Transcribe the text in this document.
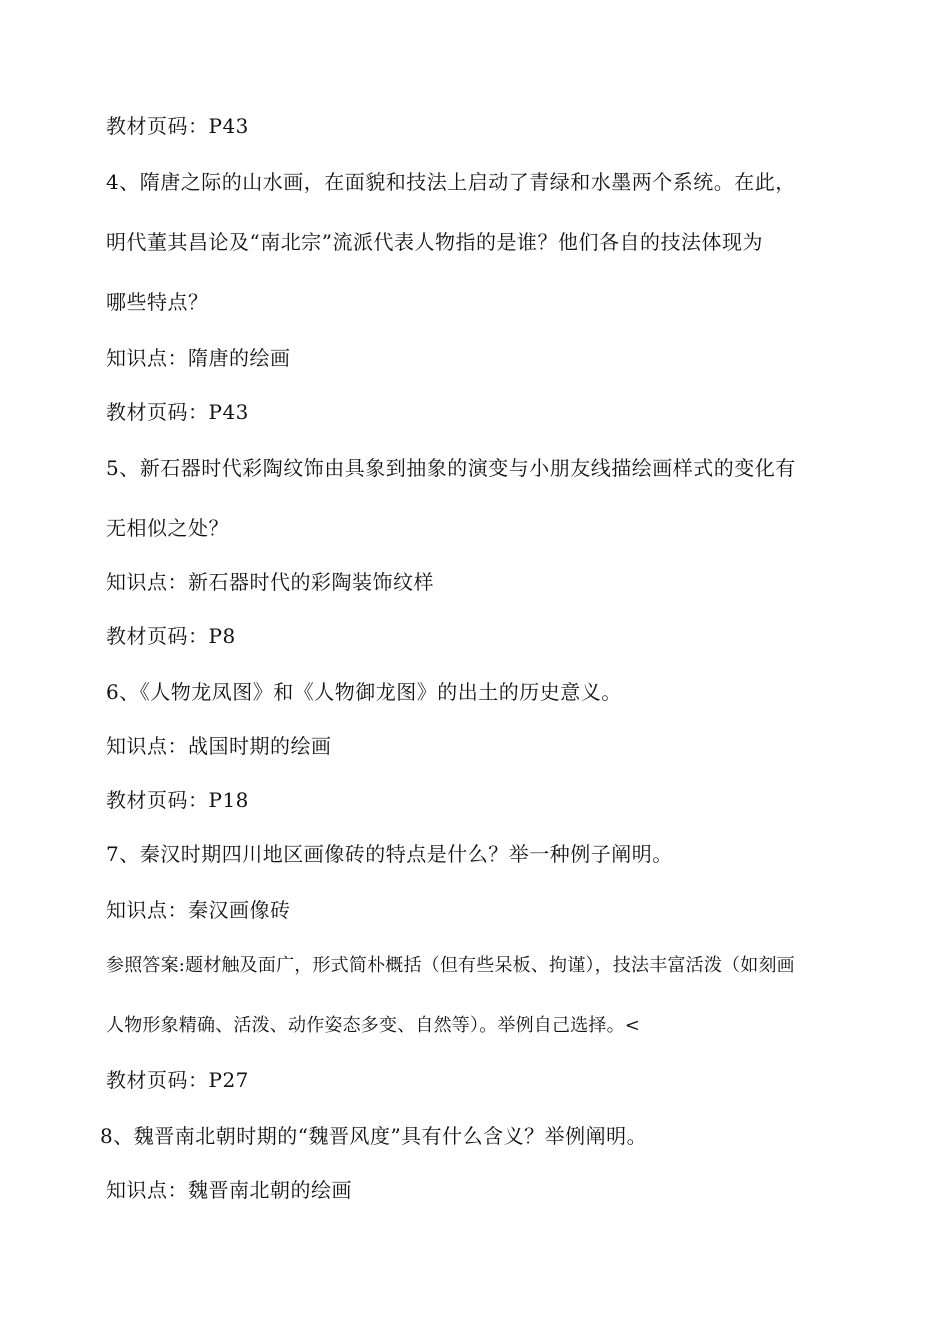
教材页码：P43
4、隋唐之际的山水画，在面貌和技法上启动了青绿和水墨两个系统。在此，
明代董其昌论及“南北宗”流派代表人物指的是谁？他们各自的技法体现为
哪些特点？
知识点：隋唐的绘画
教材页码：P43
5、新石器时代彩陶纹饰由具象到抽象的演变与小朋友线描绘画样式的变化有
无相似之处？
知识点：新石器时代的彩陶装饰纹样
教材页码：P8
6、《人物龙凤图》和《人物御龙图》的出土的历史意义。
知识点：战国时期的绘画
教材页码：P18
7、秦汉时期四川地区画像砖的特点是什么？举一种例子阐明。
知识点：秦汉画像砖
参照答案:题材触及面广，形式简朴概括（但有些呆板、拘谨），技法丰富活泼（如刻画
人物形象精确、活泼、动作姿态多变、自然等）。举例自己选择。<
教材页码：P27
8、魏晋南北朝时期的“魏晋风度”具有什么含义？举例阐明。
知识点：魏晋南北朝的绘画
